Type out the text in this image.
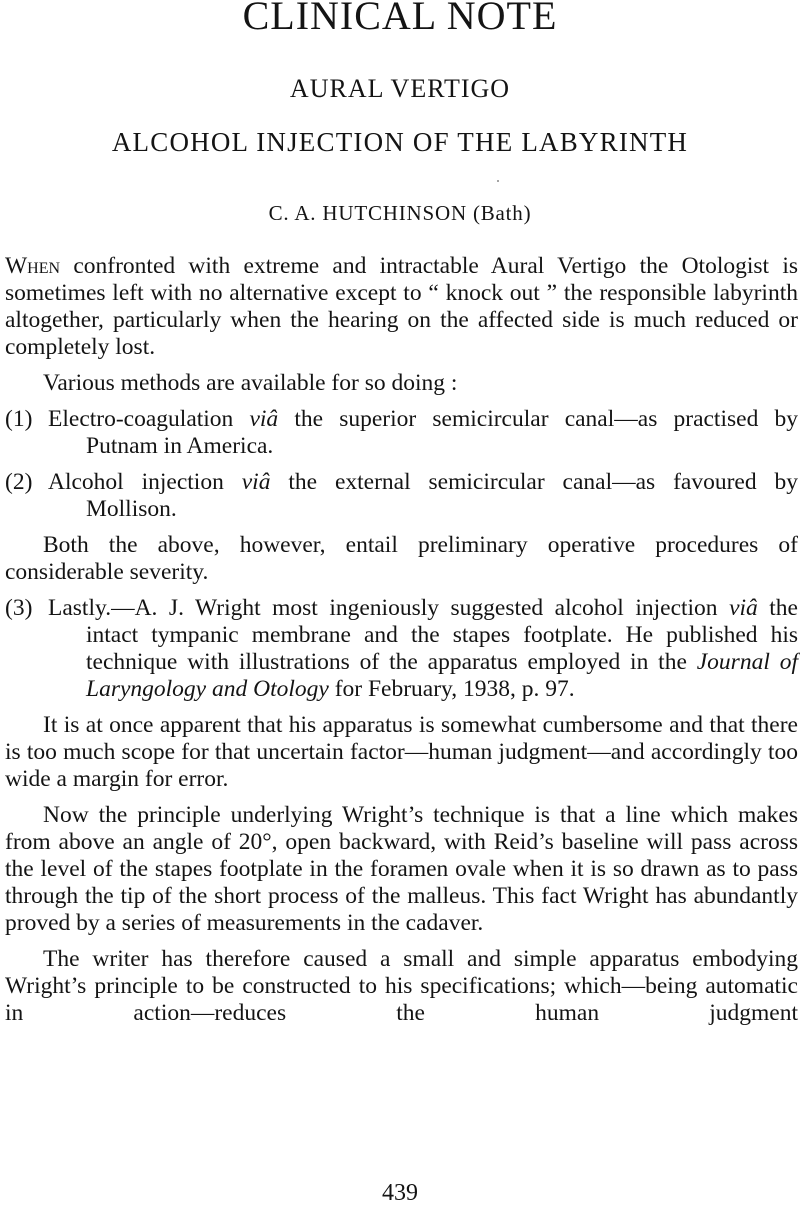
CLINICAL NOTE
AURAL VERTIGO
ALCOHOL INJECTION OF THE LABYRINTH
C. A. HUTCHINSON (Bath)

When confronted with extreme and intractable Aural Vertigo the Otologist is sometimes left with no alternative except to “ knock out ” the responsible labyrinth altogether, particularly when the hearing on the affected side is much reduced or completely lost.

Various methods are available for so doing :

(1) Electro-coagulation viâ the superior semicircular canal—as practised by Putnam in America.

(2) Alcohol injection viâ the external semicircular canal—as favoured by Mollison.

Both the above, however, entail preliminary operative procedures of considerable severity.

(3) Lastly.—A. J. Wright most ingeniously suggested alcohol injection viâ the intact tympanic membrane and the stapes footplate. He published his technique with illustrations of the apparatus employed in the Journal of Laryngology and Otology for February, 1938, p. 97.

It is at once apparent that his apparatus is somewhat cumbersome and that there is too much scope for that uncertain factor—human judgment—and accordingly too wide a margin for error.

Now the principle underlying Wright’s technique is that a line which makes from above an angle of 20°, open backward, with Reid’s baseline will pass across the level of the stapes footplate in the foramen ovale when it is so drawn as to pass through the tip of the short process of the malleus. This fact Wright has abundantly proved by a series of measurements in the cadaver.

The writer has therefore caused a small and simple apparatus embodying Wright’s principle to be constructed to his specifications; which—being automatic in action—reduces the human judgment

439
